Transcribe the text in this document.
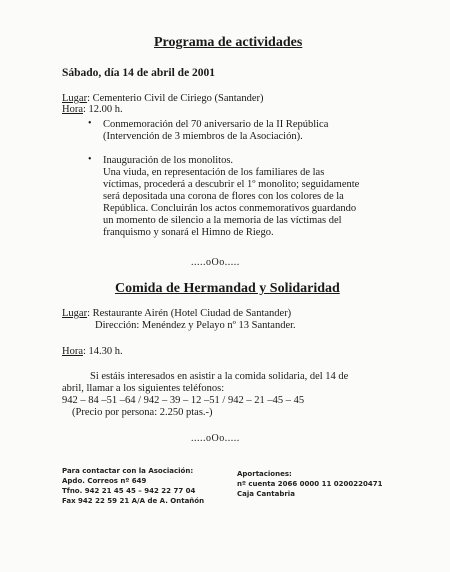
Programa de actividades
Sábado, día 14 de abril de 2001
Lugar: Cementerio Civil de Ciriego (Santander)
Hora: 12.00 h.
• Conmemoración del 70 aniversario de la II República
(Intervención de 3 miembros de la Asociación).
• Inauguración de los monolitos.
Una viuda, en representación de los familiares de las
víctimas, procederá a descubrir el 1º monolito; seguidamente
será depositada una corona de flores con los colores de la
República. Concluirán los actos conmemorativos guardando
un momento de silencio a la memoria de las víctimas del
franquismo y sonará el Himno de Riego.
.....oOo.....
Comida de Hermandad y Solidaridad
Lugar: Restaurante Airén (Hotel Ciudad de Santander)
Dirección: Menéndez y Pelayo nº 13 Santander.
Hora: 14.30 h.
Si estáis interesados en asistir a la comida solidaria, del 14 de
abril, llamar a los siguientes teléfonos:
942 – 84 –51 –64 / 942 – 39 – 12 –51 / 942 – 21 –45 – 45
(Precio por persona: 2.250 ptas.-)
.....oOo.....
Para contactar con la Asociación:
Apdo. Correos nº 649
Tfno. 942 21 45 45 – 942 22 77 04
Fax 942 22 59 21 A/A de A. Ontañón
Aportaciones:
nº cuenta 2066 0000 11 0200220471
Caja Cantabria
